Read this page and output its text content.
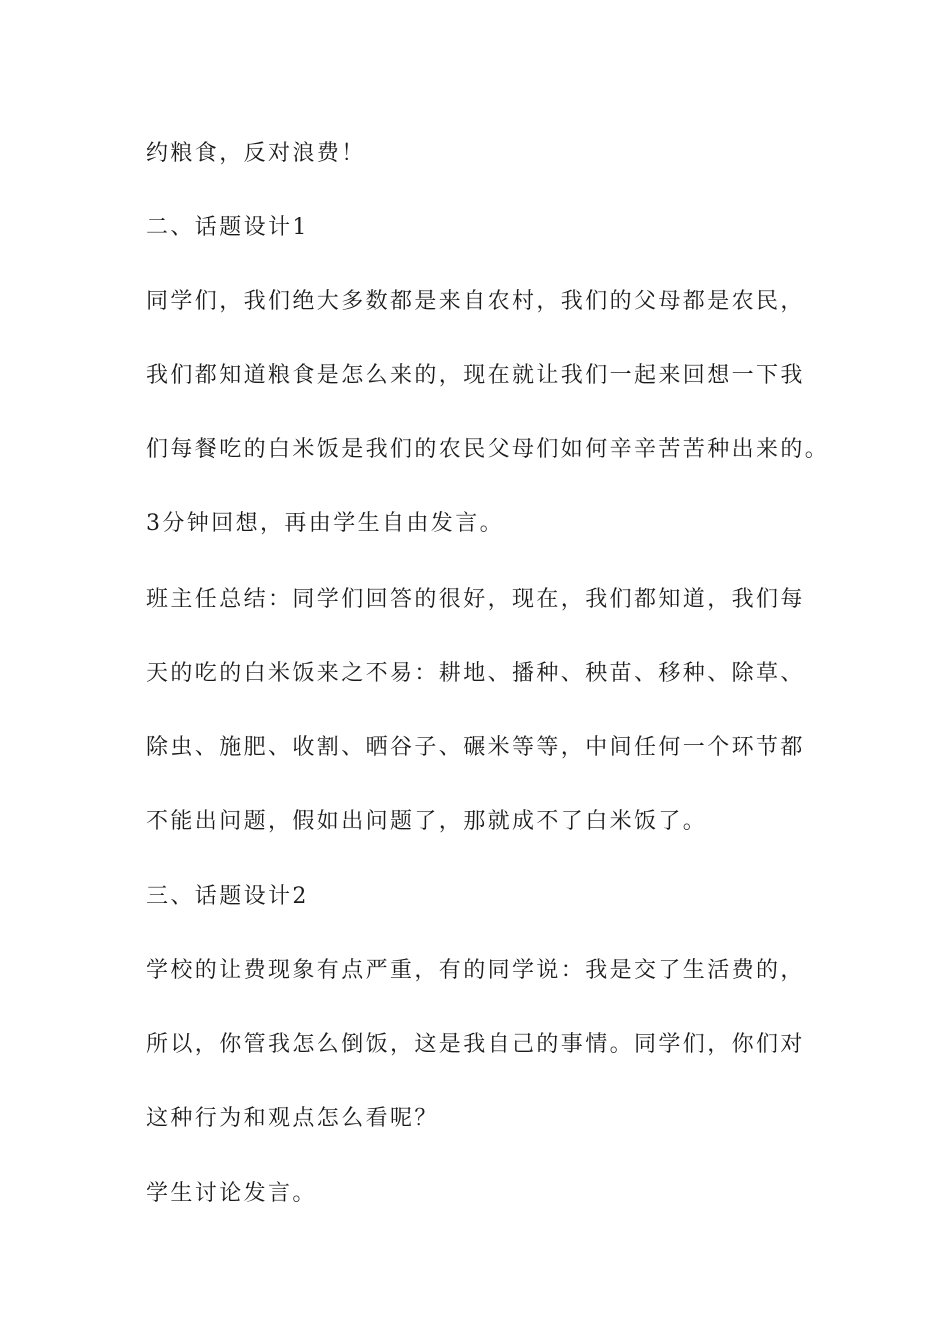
约粮食，反对浪费！

二、话题设计1

同学们，我们绝大多数都是来自农村，我们的父母都是农民，

我们都知道粮食是怎么来的，现在就让我们一起来回想一下我

们每餐吃的白米饭是我们的农民父母们如何辛辛苦苦种出来的。

3分钟回想，再由学生自由发言。

班主任总结：同学们回答的很好，现在，我们都知道，我们每

天的吃的白米饭来之不易：耕地、播种、秧苗、移种、除草、

除虫、施肥、收割、晒谷子、碾米等等，中间任何一个环节都

不能出问题，假如出问题了，那就成不了白米饭了。

三、话题设计2

学校的让费现象有点严重，有的同学说：我是交了生活费的，

所以，你管我怎么倒饭，这是我自己的事情。同学们，你们对

这种行为和观点怎么看呢？

学生讨论发言。
